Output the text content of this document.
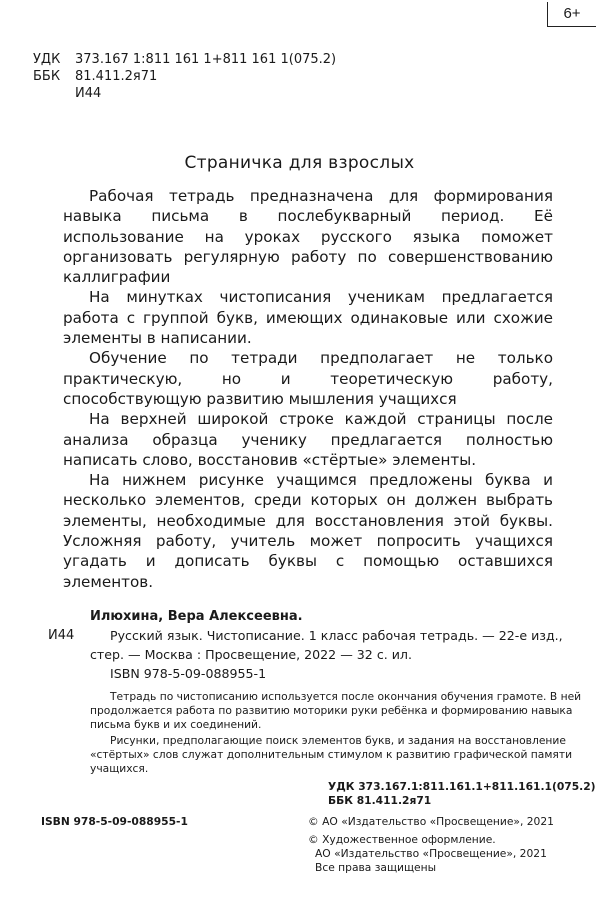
6+
УДК 373.167 1:811 161 1+811 161 1(075.2)
ББК 81.411.2я71
И44
Страничка для взрослых

Рабочая тетрадь предназначена для формирования навыка письма в послебукварный период. Её использование на уроках русского языка поможет организовать регулярную работу по совершенствованию каллиграфии

На минутках чистописания ученикам предлагается работа с группой букв, имеющих одинаковые или схожие элементы в написании.

Обучение по тетради предполагает не только практическую, но и теоретическую работу, способствующую развитию мышления учащихся

На верхней широкой строке каждой страницы после анализа образца ученику предлагается полностью написать слово, восстановив «стёртые» элементы.

На нижнем рисунке учащимся предложены буква и несколько элементов, среди которых он должен выбрать элементы, необходимые для восстановления этой буквы. Усложняя работу, учитель может попросить учащихся угадать и дописать буквы с помощью оставшихся элементов.

Илюхина, Вера Алексеевна.
И44	Русский язык. Чистописание. 1 класс рабочая тетрадь. — 22-е изд.,
стер. — Москва : Просвещение, 2022 — 32 с. ил.
ISBN 978-5-09-088955-1
Тетрадь по чистописанию используется после окончания обучения грамоте. В ней
продолжается работа по развитию моторики руки ребёнка и формированию навыка
письма букв и их соединений.
Рисунки, предполагающие поиск элементов букв, и задания на восстановление
«стёртых» слов служат дополнительным стимулом к развитию графической памяти
учащихся.
УДК 373.167.1:811.161.1+811.161.1(075.2)
ББК 81.411.2я71
ISBN 978-5-09-088955-1	© АО «Издательство «Просвещение», 2021
© Художественное оформление.
АО «Издательство «Просвещение», 2021
Все права защищены
